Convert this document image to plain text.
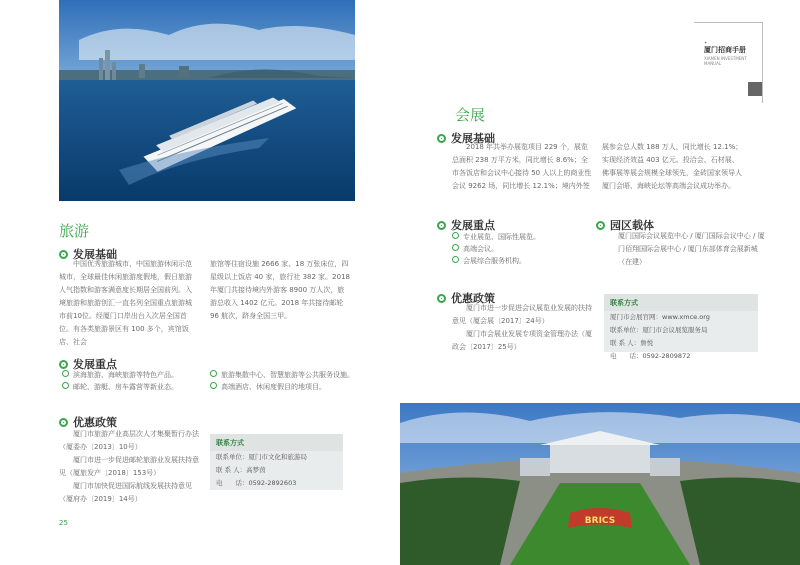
✦
厦门招商手册
XIAMEN INVESTMENT MANUAL
旅游
发展基础

中国优秀旅游城市、中国旅游休闲示范城市，全球最佳休闲旅游度假地，假日旅游人气指数和游客满意度长期居全国前列。入境旅游和旅游创汇一直名列全国重点旅游城市前10位。经厦门口岸出台入次居全国首位。有各类旅游景区有 100 多个，宾馆饭店、社会

旅馆等住宿设施 2666 家、18 万张床位，四星级以上饭店 40 家，旅行社 382 家。2018 年厦门共接待境内外游客 8900 万人次，旅游总收入 1402 亿元。2018 年共接待邮轮 96 航次，跻身全国三甲。

发展重点
滨海旅游、海峡旅游等特色产品。
邮轮、游艇、房车露营等新业态。
旅游集散中心、智慧旅游等公共服务设施。
高端酒店、休闲度假目的地项目。
优惠政策

厦门市旅游产业高层次人才集聚暂行办法（厦委办〔2013〕10号）

厦门市进一步促进邮轮旅游业发展扶持意见（厦旅发产〔2018〕153号）

厦门市加快促进国际航线发展扶持意见（厦府办〔2019〕14号）

联系方式
联系单位：厦门市文化和旅游局
联 系 人：高梦茵
电　　话：0592-2892603
25
会展
发展基础

2018 年共举办展览项目 229 个，展览总面积 238 万平方米，同比增长 8.6%；全市各饭店和会议中心接待 50 人以上的商业性会议 9262 场，同比增长 12.1%；境内外签

展参会总人数 188 万人，同比增长 12.1%；实现经济效益 403 亿元。投洽会、石材展、佛事展等展会规模全球领先，金砖国家领导人厦门会晤、海峡论坛等高端会议成功举办。

发展重点
专业展览、国际性展览。
高端会议。
会展综合服务机构。
园区载体
厦门国际会议展览中心 / 厦门国际会议中心 / 厦门佰翔国际会展中心 / 厦门东部体育会展新城（在建）
优惠政策

厦门市进一步促进会议展览业发展的扶持意见（厦会展〔2017〕24号）

厦门市会展业发展专项资金管理办法（厦政会〔2017〕25号）

联系方式
厦门市会展官网：www.xmce.org
联系单位：厦门市会议展览服务局
联 系 人：詹悦
电　　话：0592-2809872
BRICS
